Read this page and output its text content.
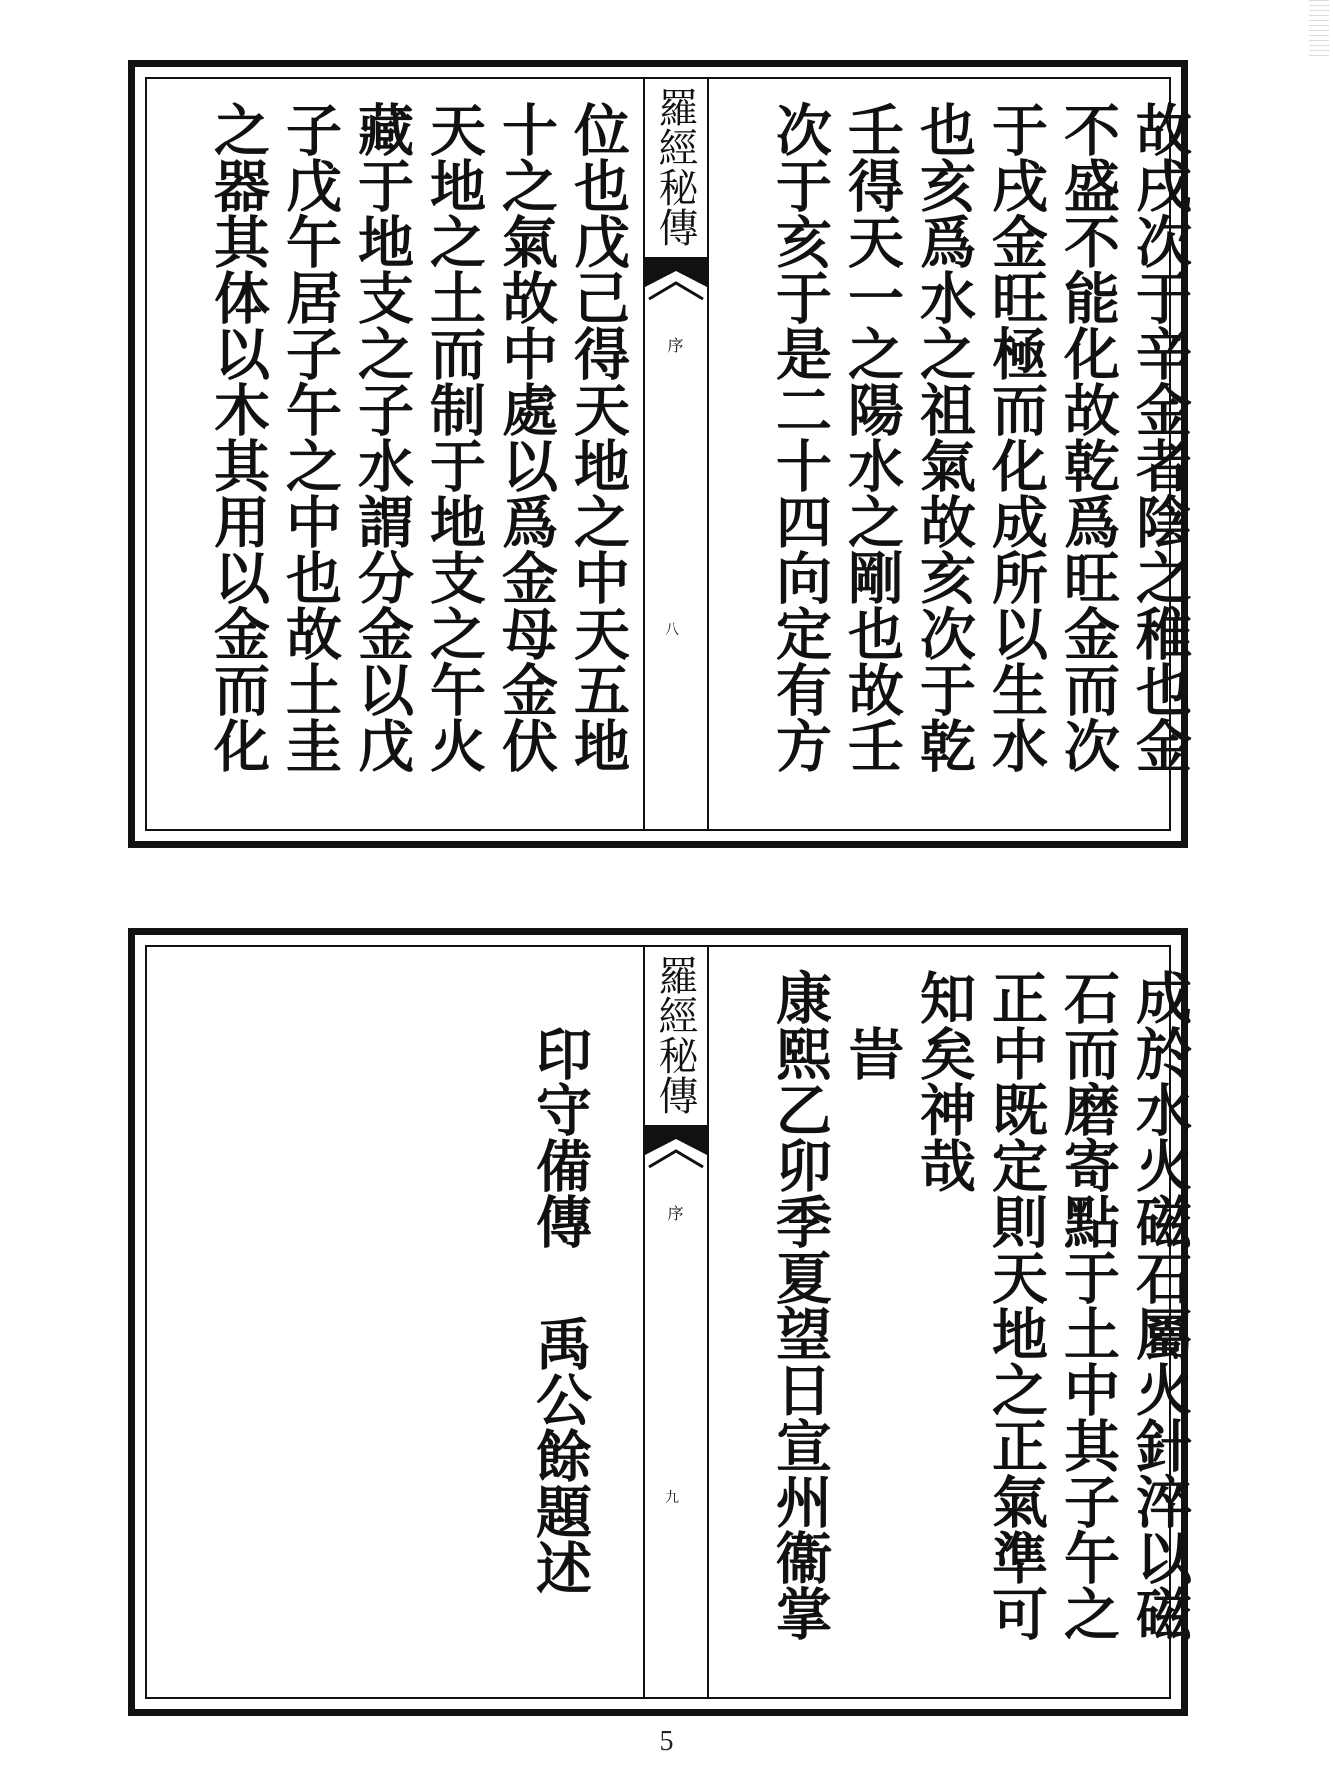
故戌次于辛金者陰之稚也金
不盛不能化故乾爲旺金而次
于戌金旺極而化成所以生水
也亥爲水之祖氣故亥次于乾
壬得天一之陽水之剛也故壬
次于亥于是二十四向定有方
羅經秘傳
序
八
位也戊己得天地之中天五地
十之氣故中處以爲金母金伏
天地之土而制于地支之午火
藏于地支之子水謂分金以戊
子戊午居子午之中也故土圭
之器其体以木其用以金而化
成於水火磁石屬火針淬以磁
石而磨寄點于土中其子午之
正中既定則天地之正氣準可
知矣神哉
旹
康熙乙卯季夏望日宣州衞掌
羅經秘傳
序
九
印守備傳
禹公餘題述
5
